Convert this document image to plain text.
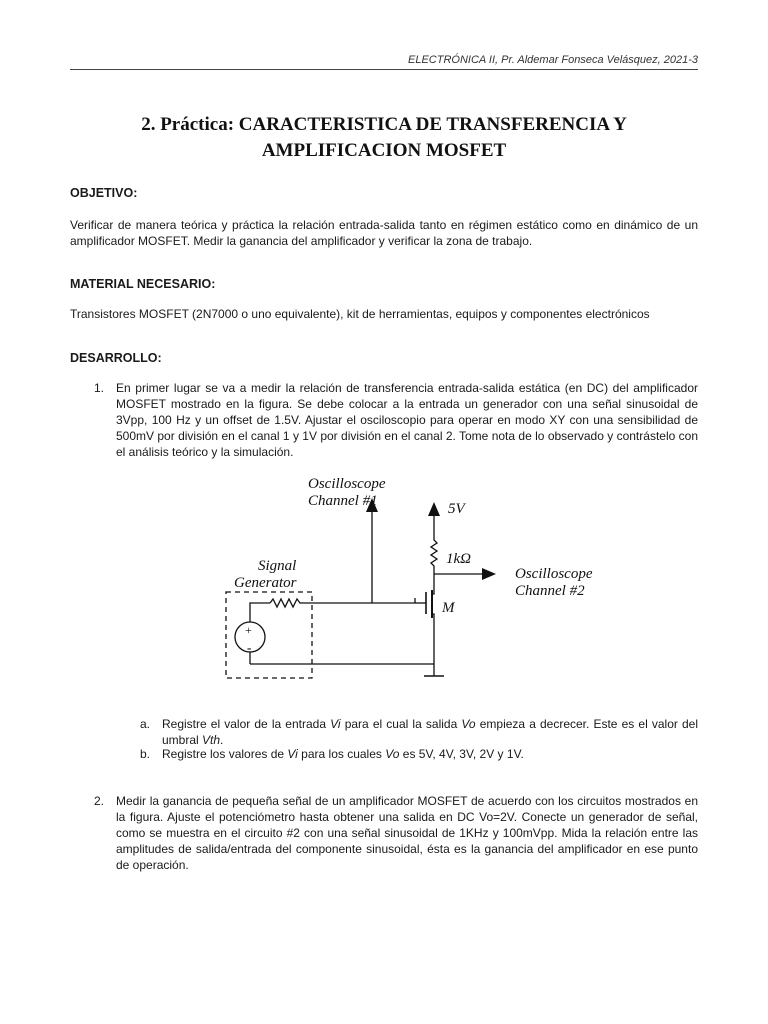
ELECTRÓNICA II, Pr. Aldemar Fonseca Velásquez, 2021-3
2. Práctica: CARACTERISTICA DE TRANSFERENCIA Y
AMPLIFICACION MOSFET
OBJETIVO:
Verificar de manera teórica y práctica la relación entrada-salida tanto en régimen estático como en dinámico de un amplificador MOSFET. Medir la ganancia del amplificador y verificar la zona de trabajo.
MATERIAL NECESARIO:
Transistores MOSFET (2N7000 o uno equivalente), kit de herramientas, equipos y componentes electrónicos
DESARROLLO:
1. En primer lugar se va a medir la relación de transferencia entrada-salida estática (en DC) del amplificador MOSFET mostrado en la figura. Se debe colocar a la entrada un generador con una señal sinusoidal de 3Vpp, 100 Hz y un offset de 1.5V. Ajustar el osciloscopio para operar en modo XY con una sensibilidad de 500mV por división en el canal 1 y 1V por división en el canal 2. Tome nota de lo observado y contrástelo con el análisis teórico y la simulación.
Oscilloscope
Channel #1	5V
1kΩ
Oscilloscope
Channel #2
M
Signal
Generator
+
-
a. Registre el valor de la entrada Vi para el cual la salida Vo empieza a decrecer. Este es el valor del umbral Vth.
b. Registre los valores de Vi para los cuales Vo es 5V, 4V, 3V, 2V y 1V.
2. Medir la ganancia de pequeña señal de un amplificador MOSFET de acuerdo con los circuitos mostrados en la figura. Ajuste el potenciómetro hasta obtener una salida en DC Vo=2V. Conecte un generador de señal, como se muestra en el circuito #2 con una señal sinusoidal de 1KHz y 100mVpp. Mida la relación entre las amplitudes de salida/entrada del componente sinusoidal, ésta es la ganancia del amplificador en ese punto de operación.
